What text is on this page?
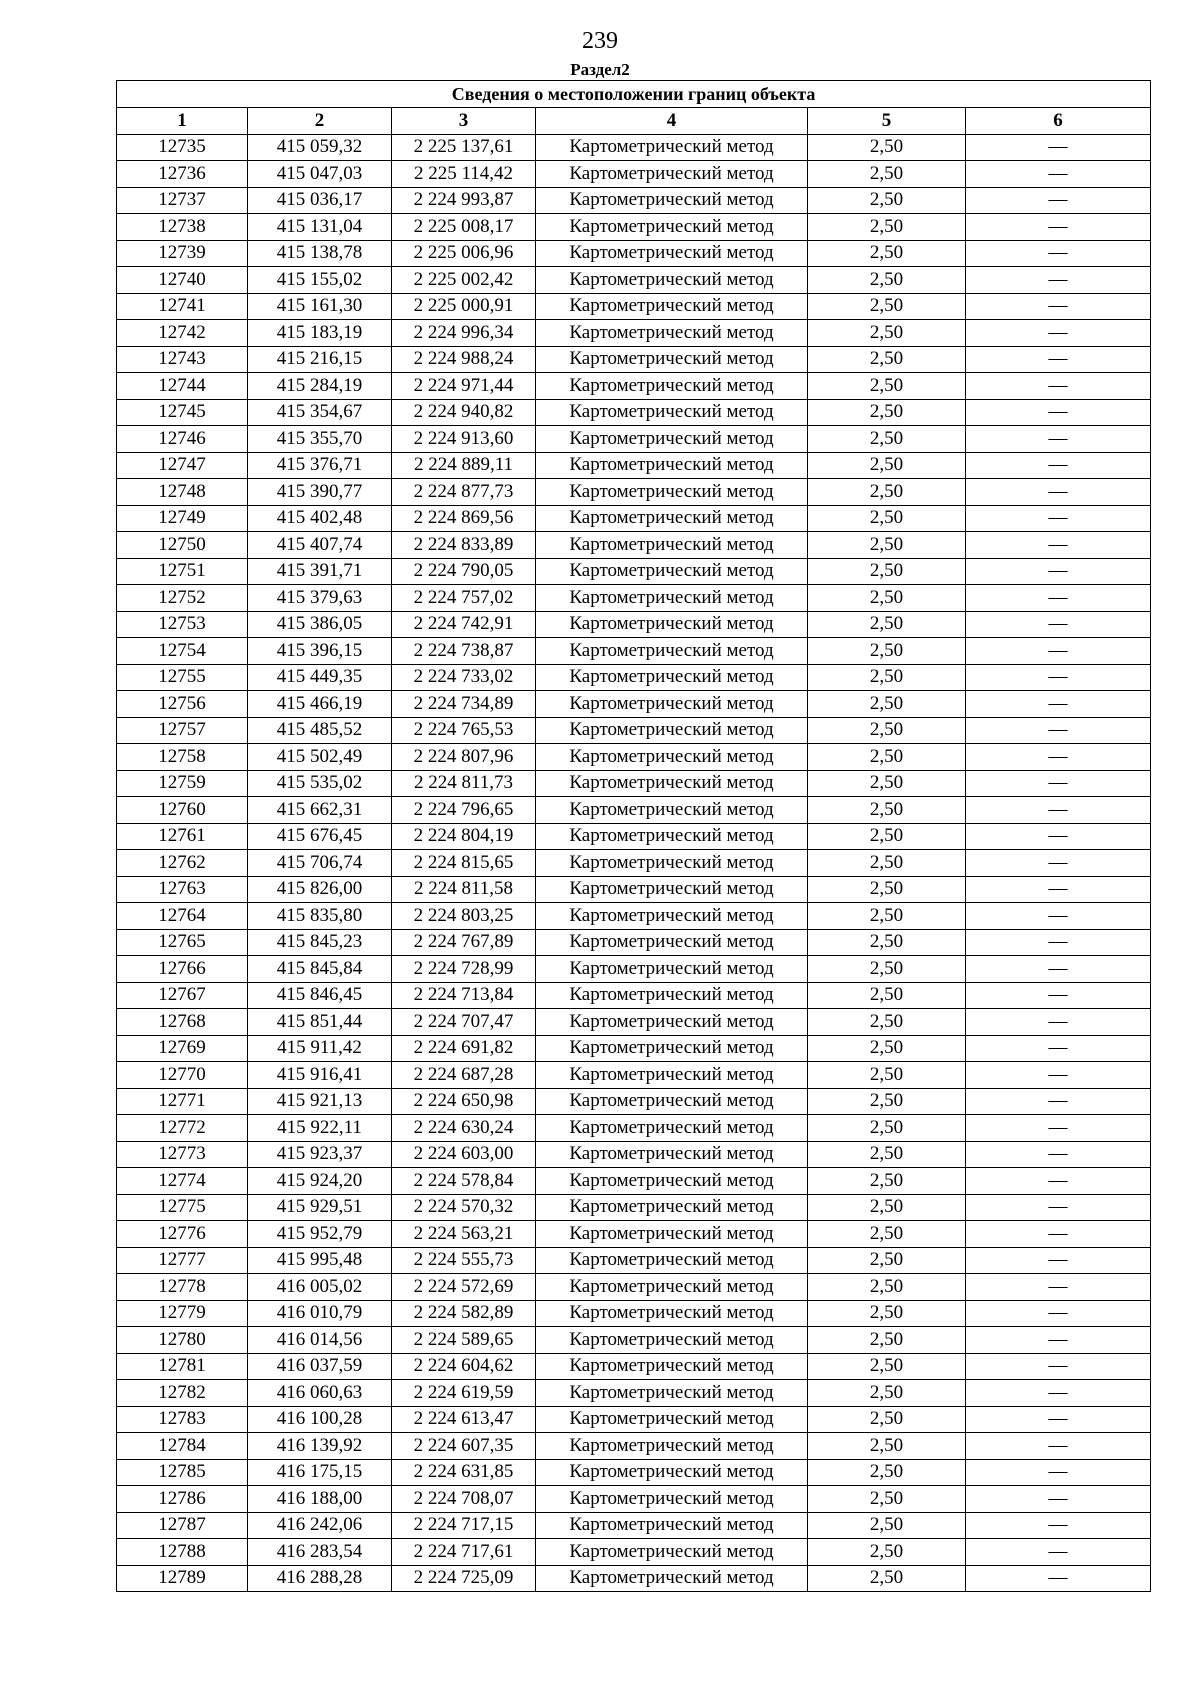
239
Раздел2
Сведения о местоположении границ объекта					
1	2	3	4	5	6
12735	415 059,32	2 225 137,61	Картометрический метод	2,50	—
12736	415 047,03	2 225 114,42	Картометрический метод	2,50	—
12737	415 036,17	2 224 993,87	Картометрический метод	2,50	—
12738	415 131,04	2 225 008,17	Картометрический метод	2,50	—
12739	415 138,78	2 225 006,96	Картометрический метод	2,50	—
12740	415 155,02	2 225 002,42	Картометрический метод	2,50	—
12741	415 161,30	2 225 000,91	Картометрический метод	2,50	—
12742	415 183,19	2 224 996,34	Картометрический метод	2,50	—
12743	415 216,15	2 224 988,24	Картометрический метод	2,50	—
12744	415 284,19	2 224 971,44	Картометрический метод	2,50	—
12745	415 354,67	2 224 940,82	Картометрический метод	2,50	—
12746	415 355,70	2 224 913,60	Картометрический метод	2,50	—
12747	415 376,71	2 224 889,11	Картометрический метод	2,50	—
12748	415 390,77	2 224 877,73	Картометрический метод	2,50	—
12749	415 402,48	2 224 869,56	Картометрический метод	2,50	—
12750	415 407,74	2 224 833,89	Картометрический метод	2,50	—
12751	415 391,71	2 224 790,05	Картометрический метод	2,50	—
12752	415 379,63	2 224 757,02	Картометрический метод	2,50	—
12753	415 386,05	2 224 742,91	Картометрический метод	2,50	—
12754	415 396,15	2 224 738,87	Картометрический метод	2,50	—
12755	415 449,35	2 224 733,02	Картометрический метод	2,50	—
12756	415 466,19	2 224 734,89	Картометрический метод	2,50	—
12757	415 485,52	2 224 765,53	Картометрический метод	2,50	—
12758	415 502,49	2 224 807,96	Картометрический метод	2,50	—
12759	415 535,02	2 224 811,73	Картометрический метод	2,50	—
12760	415 662,31	2 224 796,65	Картометрический метод	2,50	—
12761	415 676,45	2 224 804,19	Картометрический метод	2,50	—
12762	415 706,74	2 224 815,65	Картометрический метод	2,50	—
12763	415 826,00	2 224 811,58	Картометрический метод	2,50	—
12764	415 835,80	2 224 803,25	Картометрический метод	2,50	—
12765	415 845,23	2 224 767,89	Картометрический метод	2,50	—
12766	415 845,84	2 224 728,99	Картометрический метод	2,50	—
12767	415 846,45	2 224 713,84	Картометрический метод	2,50	—
12768	415 851,44	2 224 707,47	Картометрический метод	2,50	—
12769	415 911,42	2 224 691,82	Картометрический метод	2,50	—
12770	415 916,41	2 224 687,28	Картометрический метод	2,50	—
12771	415 921,13	2 224 650,98	Картометрический метод	2,50	—
12772	415 922,11	2 224 630,24	Картометрический метод	2,50	—
12773	415 923,37	2 224 603,00	Картометрический метод	2,50	—
12774	415 924,20	2 224 578,84	Картометрический метод	2,50	—
12775	415 929,51	2 224 570,32	Картометрический метод	2,50	—
12776	415 952,79	2 224 563,21	Картометрический метод	2,50	—
12777	415 995,48	2 224 555,73	Картометрический метод	2,50	—
12778	416 005,02	2 224 572,69	Картометрический метод	2,50	—
12779	416 010,79	2 224 582,89	Картометрический метод	2,50	—
12780	416 014,56	2 224 589,65	Картометрический метод	2,50	—
12781	416 037,59	2 224 604,62	Картометрический метод	2,50	—
12782	416 060,63	2 224 619,59	Картометрический метод	2,50	—
12783	416 100,28	2 224 613,47	Картометрический метод	2,50	—
12784	416 139,92	2 224 607,35	Картометрический метод	2,50	—
12785	416 175,15	2 224 631,85	Картометрический метод	2,50	—
12786	416 188,00	2 224 708,07	Картометрический метод	2,50	—
12787	416 242,06	2 224 717,15	Картометрический метод	2,50	—
12788	416 283,54	2 224 717,61	Картометрический метод	2,50	—
12789	416 288,28	2 224 725,09	Картометрический метод	2,50	—
